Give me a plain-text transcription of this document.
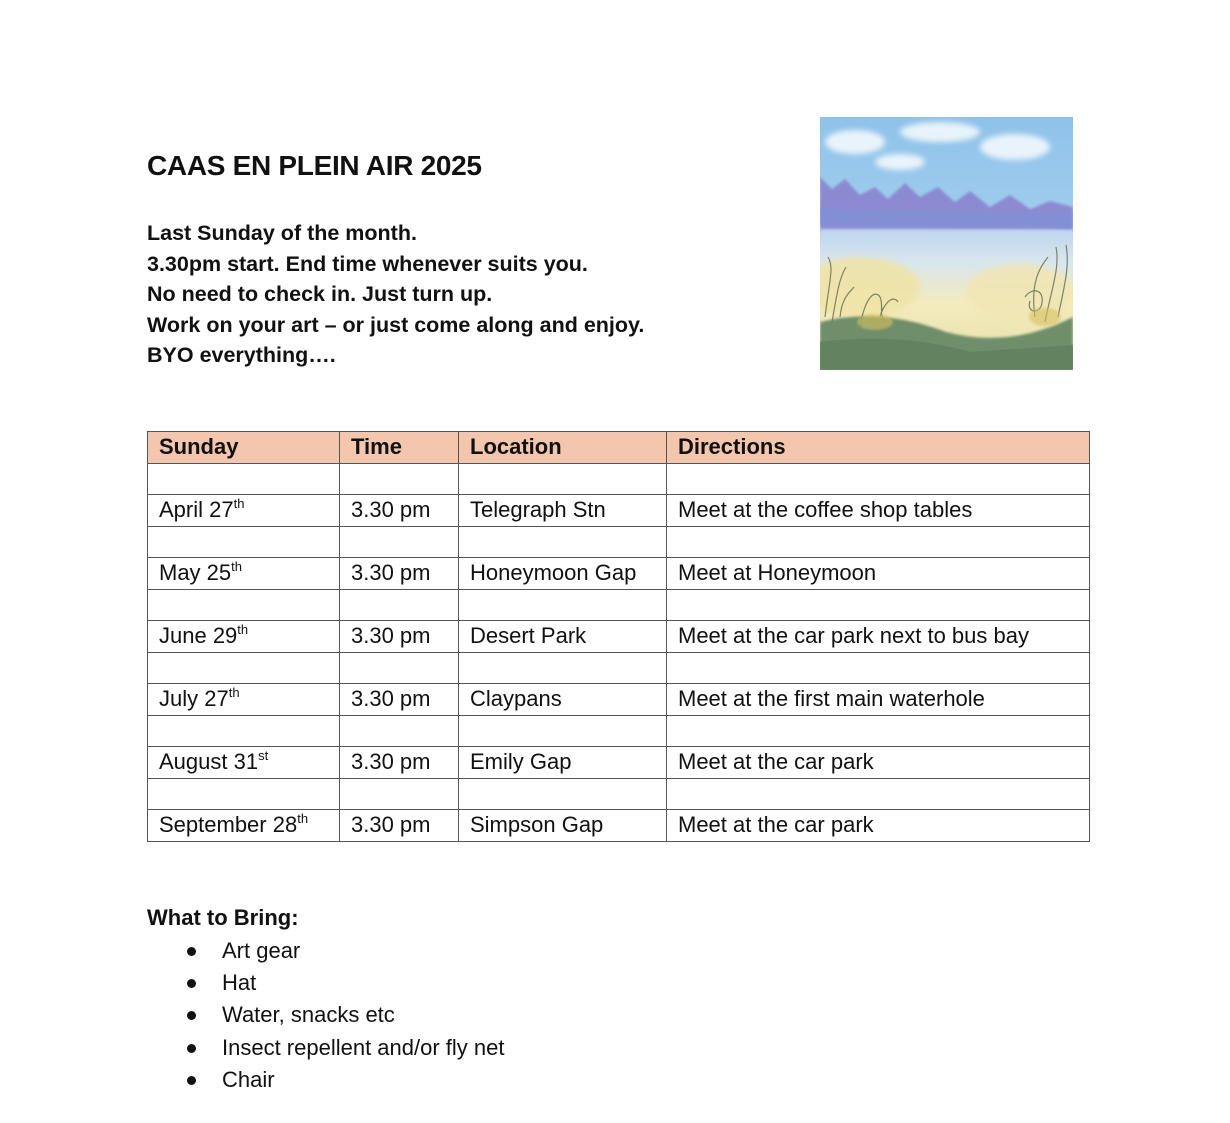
CAAS EN PLEIN AIR 2025
Last Sunday of the month.
3.30pm start. End time whenever suits you.
No need to check in. Just turn up.
Work on your art – or just come along and enjoy.
BYO everything….
Sunday	Time	Location	Directions

April 27th	3.30 pm	Telegraph Stn	Meet at the coffee shop tables

May 25th	3.30 pm	Honeymoon Gap	Meet at Honeymoon

June 29th	3.30 pm	Desert Park	Meet at the car park next to bus bay

July 27th	3.30 pm	Claypans	Meet at the first main waterhole

August 31st	3.30 pm	Emily Gap	Meet at the car park

September 28th	3.30 pm	Simpson Gap	Meet at the car park
What to Bring:
Art gear
Hat
Water, snacks etc
Insect repellent and/or fly net
Chair
